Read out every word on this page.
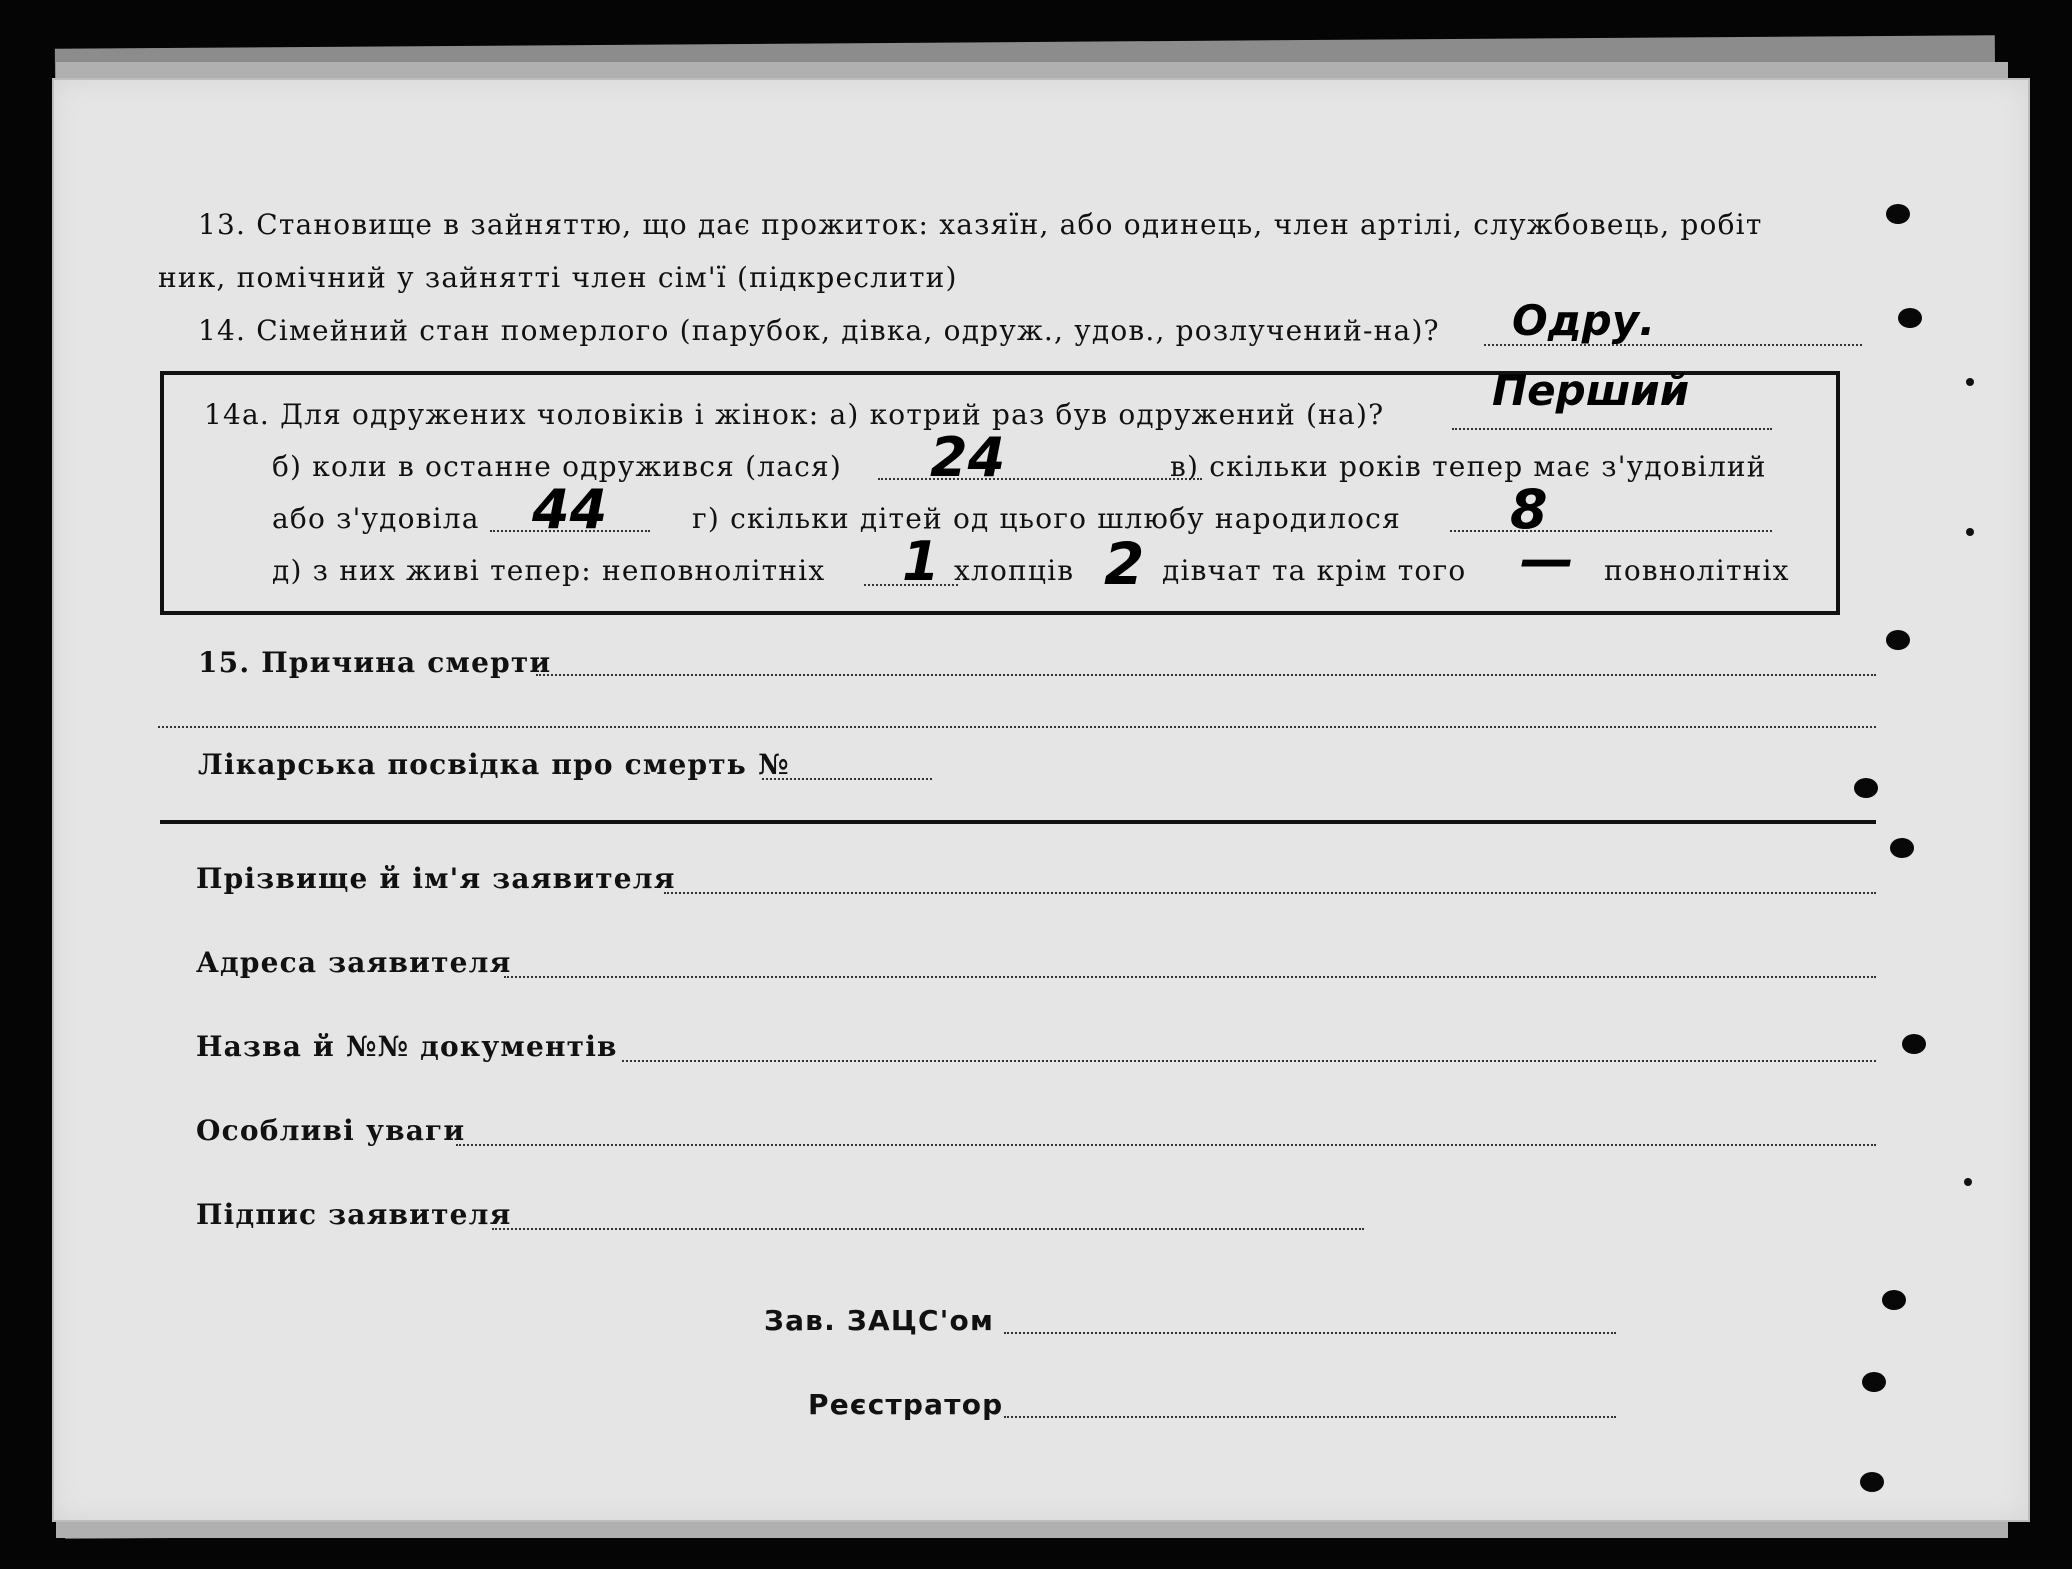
13. Становище в зайняттю, що дає прожиток: хазяїн, або одинець, член артілі, службовець, робіт
ник, помічний у зайнятті член сім'ї (підкреслити)
14. Сімейний стан померлого (парубок, дівка, одруж., удов., розлучений-на)? Одру.
14а. Для одружених чоловіків і жінок: а) котрий раз був одружений (на)?	Перший
б) коли в останне одружився (лася) 24	в) скільки років тепер має з'удовілий
або з'удовіла 44	г) скільки дітей од цього шлюбу народилося 8
д) з них живі тепер: неповнолітніх 1 хлопців 2 дівчат та крім того — повнолітніх
15. Причина смерти
Лікарська посвідка про смерть №
Прізвище й ім'я заявителя
Адреса заявителя
Назва й №№ документів
Особливі уваги
Підпис заявителя
Зав. ЗАЦС'ом
Реєстратор
